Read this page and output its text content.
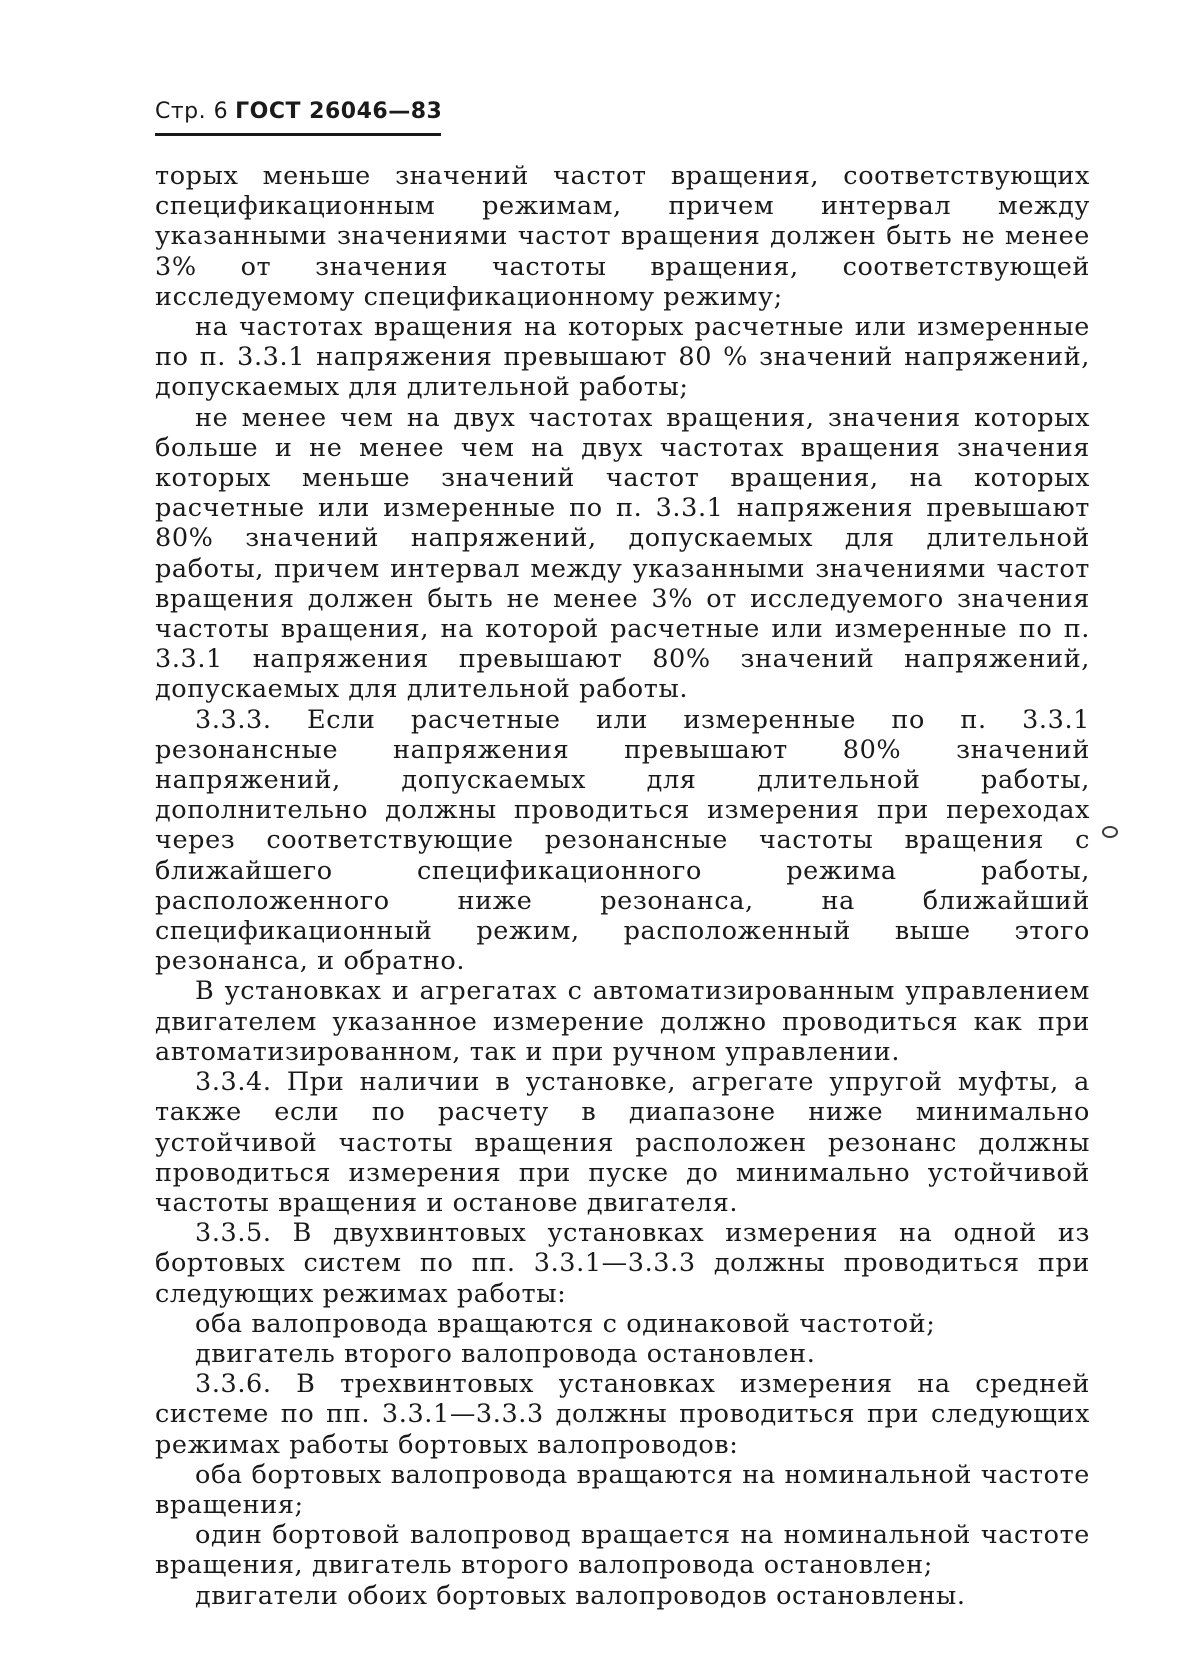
Стр. 6 ГОСТ 26046—83

торых меньше значений частот вращения, соответствующих спецификационным режимам, причем интервал между указанными значениями частот вращения должен быть не менее 3% от значения частоты вращения, соответствующей исследуемому спецификационному режиму;

на частотах вращения на которых расчетные или измеренные по п. 3.3.1 напряжения превышают 80 % значений напряжений, допускаемых для длительной работы;

не менее чем на двух частотах вращения, значения которых больше и не менее чем на двух частотах вращения значения которых меньше значений частот вращения, на которых расчетные или измеренные по п. 3.3.1 напряжения превышают 80% значений напряжений, допускаемых для длительной работы, причем интервал между указанными значениями частот вращения должен быть не менее 3% от исследуемого значения частоты вращения, на которой расчетные или измеренные по п. 3.3.1 напряжения превышают 80% значений напряжений, допускаемых для длительной работы.

3.3.3. Если расчетные или измеренные по п. 3.3.1 резонансные напряжения превышают 80% значений напряжений, допускаемых для длительной работы, дополнительно должны проводиться измерения при переходах через соответствующие резонансные частоты вращения с ближайшего спецификационного режима работы, расположенного ниже резонанса, на ближайший спецификационный режим, расположенный выше этого резонанса, и обратно.

В установках и агрегатах с автоматизированным управлением двигателем указанное измерение должно проводиться как при автоматизированном, так и при ручном управлении.

3.3.4. При наличии в установке, агрегате упругой муфты, а также если по расчету в диапазоне ниже минимально устойчивой частоты вращения расположен резонанс должны проводиться измерения при пуске до минимально устойчивой частоты вращения и останове двигателя.

3.3.5. В двухвинтовых установках измерения на одной из бортовых систем по пп. 3.3.1—3.3.3 должны проводиться при следующих режимах работы:

оба валопровода вращаются с одинаковой частотой;

двигатель второго валопровода остановлен.

3.3.6. В трехвинтовых установках измерения на средней системе по пп. 3.3.1—3.3.3 должны проводиться при следующих режимах работы бортовых валопроводов:

оба бортовых валопровода вращаются на номинальной частоте вращения;

один бортовой валопровод вращается на номинальной частоте вращения, двигатель второго валопровода остановлен;

двигатели обоих бортовых валопроводов остановлены.
